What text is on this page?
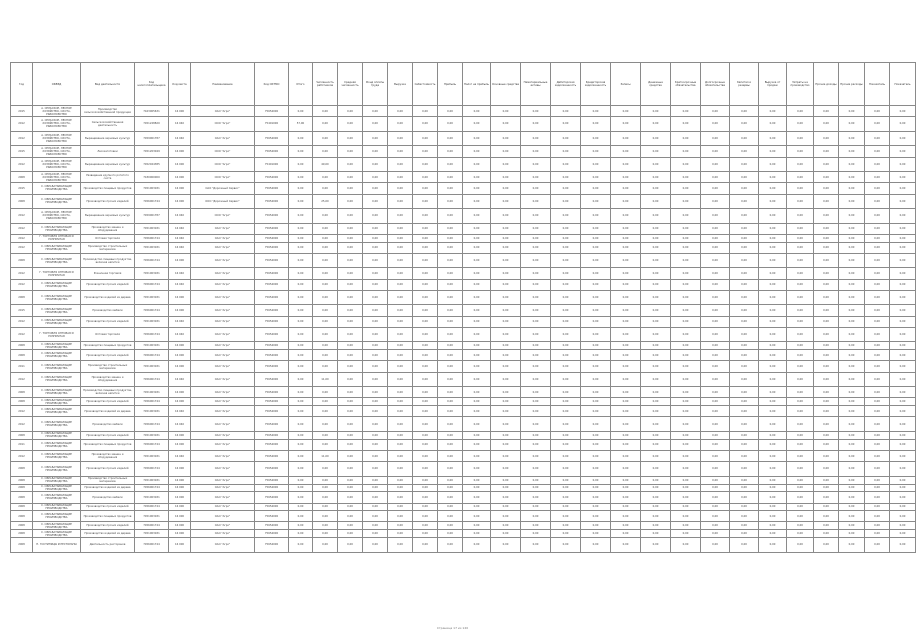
Год	ОКВЭД	Вид деятельности	Код налогоплательщика	Код места	Наименование	Код ОКТМО	Итого	Численность работников	Средняя численность	Фонд оплаты труда	Выручка	Себестоимость	Прибыль	Налог на прибыль	Основные средства	Нематериальные активы	Дебиторская задолженность	Кредиторская задолженность	Запасы	Денежные средства	Краткосрочные обязательства	Долгосрочные обязательства	Капитал и резервы	Выручка от продаж	Затраты на производство	Прочие доходы	Прочие расходы	Показатель	Показатель
2015	А. СЕЛЬСКОЕ, ЛЕСНОЕ ХОЗЯЙСТВО, ОХОТА, РЫБОЛОВСТВО	Производство сельскохозяйственной продукции	7423005631	16 000	ОАО "Агро"	75654000	0,00	0,00	0,00	0,00	0,00	0,00	0,00	0,00	0,00	0,00	0,00	0,00	0,00	0,00	0,00	0,00	0,00	0,00	0,00	0,00	0,00	0,00	0,00
2012	А. СЕЛЬСКОЕ, ЛЕСНОЕ ХОЗЯЙСТВО, ОХОТА, РЫБОЛОВСТВО	Сельскохозяйственная деятельность	7451228820	16 040	ООО "Агро"	75401000	57,00	0,00	0,00	0,00	0,00	0,00	0,00	0,00	0,00	0,00	0,00	0,00	0,00	0,00	0,00	0,00	0,00	0,00	0,00	0,00	0,00	0,00	0,00
2012	А. СЕЛЬСКОЕ, ЛЕСНОЕ ХОЗЯЙСТВО, ОХОТА, РЫБОЛОВСТВО	Выращивание зерновых культур	7459001787	16 040	ОАО "Агро"	75654000	0,00	0,00	0,00	0,00	0,00	0,00	0,00	0,00	0,00	0,00	0,00	0,00	0,00	0,00	0,00	0,00	0,00	0,00	0,00	0,00	0,00	0,00	0,00
2015	А. СЕЛЬСКОЕ, ЛЕСНОЕ ХОЗЯЙСТВО, ОХОТА, РЫБОЛОВСТВО	Лесозаготовки	7451203049	16 000	ООО "Агро"	75654000	0,00	0,00	0,00	0,00	0,00	0,00	0,00	0,00	0,00	0,00	0,00	0,00	0,00	0,00	0,00	0,00	0,00	0,00	0,00	0,00	0,00	0,00	0,00
2012	А. СЕЛЬСКОЕ, ЛЕСНОЕ ХОЗЯЙСТВО, ОХОТА, РЫБОЛОВСТВО	Выращивание зерновых культур	7452024385	16 000	ООО "Агро"	75401000	0,00	49,00	0,00	0,00	0,00	0,00	0,00	0,00	0,00	0,00	0,00	0,00	0,00	0,00	0,00	0,00	0,00	0,00	0,00	0,00	0,00	0,00	0,00
2008	А. СЕЛЬСКОЕ, ЛЕСНОЕ ХОЗЯЙСТВО, ОХОТА, РЫБОЛОВСТВО	Разведение крупного рогатого скота	7430000000	16 000	ООО "Агро"	75654000	0,00	0,00	0,00	0,00	0,00	0,00	0,00	0,00	0,00	0,00	0,00	0,00	0,00	0,00	0,00	0,00	0,00	0,00	0,00	0,00	0,00	0,00	0,00
2015	С. ОБРАБАТЫВАЮЩИЕ ПРОИЗВОДСТВА	Производство пищевых продуктов	7451003181	16 000	ОАО "Дорожный Сервис"	75654000	0,00	0,00	0,00	0,00	0,00	0,00	0,00	0,00	0,00	0,00	0,00	0,00	0,00	0,00	0,00	0,00	0,00	0,00	0,00	0,00	0,00	0,00	0,00
2008	С. ОБРАБАТЫВАЮЩИЕ ПРОИЗВОДСТВА	Производство прочих изделий	7456001744	16 000	ООО "Дорожный Сервис"	75654000	0,00	25,00	0,00	0,00	0,00	0,00	0,00	0,00	0,00	0,00	0,00	0,00	0,00	0,00	0,00	0,00	0,00	0,00	0,00	0,00	0,00	0,00	0,00
2012	А. СЕЛЬСКОЕ, ЛЕСНОЕ ХОЗЯЙСТВО, ОХОТА, РЫБОЛОВСТВО	Выращивание зерновых культур	7459001787	16 040	ООО "Агро"	75654000	0,00	0,00	0,00	0,00	0,00	0,00	0,00	0,00	0,00	0,00	0,00	0,00	0,00	0,00	0,00	0,00	0,00	0,00	0,00	0,00	0,00	0,00	0,00
2012	С. ОБРАБАТЫВАЮЩИЕ ПРОИЗВОДСТВА	Производство машин и оборудования	7451003181	16 040	ОАО "Агро"	75654000	0,00	0,00	0,00	0,00	0,00	0,00	0,00	0,00	0,00	0,00	0,00	0,00	0,00	0,00	0,00	0,00	0,00	0,00	0,00	0,00	0,00	0,00	0,00
2012	Г. ТОРГОВЛЯ ОПТОВАЯ И РОЗНИЧНАЯ	Оптовая торговля	7456001744	16 040	ОАО "Агро"	75654000	0,00	0,00	0,00	0,00	0,00	0,00	0,00	0,00	0,00	0,00	0,00	0,00	0,00	0,00	0,00	0,00	0,00	0,00	0,00	0,00	0,00	0,00	0,00
2012	С. ОБРАБАТЫВАЮЩИЕ ПРОИЗВОДСТВА	Производство строительных материалов	7451003181	16 040	ОАО "Агро"	75654000	0,00	0,00	0,00	0,00	0,00	0,00	0,00	0,00	0,00	0,00	0,00	0,00	0,00	0,00	0,00	0,00	0,00	0,00	0,00	0,00	0,00	0,00	0,00
2008	С. ОБРАБАТЫВАЮЩИЕ ПРОИЗВОДСТВА	Производство пищевых продуктов, включая напитки	7456001744	16 000	ОАО "Агро"	75654000	0,00	0,00	0,00	0,00	0,00	0,00	0,00	0,00	0,00	0,00	0,00	0,00	0,00	0,00	0,00	0,00	0,00	0,00	0,00	0,00	0,00	0,00	0,00
2012	Г. ТОРГОВЛЯ ОПТОВАЯ И РОЗНИЧНАЯ	Розничная торговля	7451003181	16 040	ОАО "Агро"	75654000	0,00	0,00	0,00	0,00	0,00	0,00	0,00	0,00	0,00	0,00	0,00	0,00	0,00	0,00	0,00	0,00	0,00	0,00	0,00	0,00	0,00	0,00	0,00
2012	С. ОБРАБАТЫВАЮЩИЕ ПРОИЗВОДСТВА	Производство прочих изделий	7456001744	16 040	ОАО "Агро"	75654000	0,00	0,00	0,00	0,00	0,00	0,00	0,00	0,00	0,00	0,00	0,00	0,00	0,00	0,00	0,00	0,00	0,00	0,00	0,00	0,00	0,00	0,00	0,00
2008	С. ОБРАБАТЫВАЮЩИЕ ПРОИЗВОДСТВА	Производство изделий из дерева	7451003181	16 000	ОАО "Агро"	75654000	0,00	0,00	0,00	0,00	0,00	0,00	0,00	0,00	0,00	0,00	0,00	0,00	0,00	0,00	0,00	0,00	0,00	0,00	0,00	0,00	0,00	0,00	0,00
2015	С. ОБРАБАТЫВАЮЩИЕ ПРОИЗВОДСТВА	Производство мебели	7456001744	16 000	ОАО "Агро"	75654000	0,00	0,00	0,00	0,00	0,00	0,00	0,00	0,00	0,00	0,00	0,00	0,00	0,00	0,00	0,00	0,00	0,00	0,00	0,00	0,00	0,00	0,00	0,00
2012	С. ОБРАБАТЫВАЮЩИЕ ПРОИЗВОДСТВА	Производство прочих изделий	7451003181	16 040	ОАО "Агро"	75654000	0,00	0,00	0,00	0,00	0,00	0,00	0,00	0,00	0,00	0,00	0,00	0,00	0,00	0,00	0,00	0,00	0,00	0,00	0,00	0,00	0,00	0,00	0,00
2012	Г. ТОРГОВЛЯ ОПТОВАЯ И РОЗНИЧНАЯ	Оптовая торговля	7456001744	16 040	ОАО "Агро"	75654000	0,00	0,00	0,00	0,00	0,00	0,00	0,00	0,00	0,00	0,00	0,00	0,00	0,00	0,00	0,00	0,00	0,00	0,00	0,00	0,00	0,00	0,00	0,00
2008	С. ОБРАБАТЫВАЮЩИЕ ПРОИЗВОДСТВА	Производство пищевых продуктов	7451003181	16 000	ОАО "Агро"	75654000	0,00	0,00	0,00	0,00	0,00	0,00	0,00	0,00	0,00	0,00	0,00	0,00	0,00	0,00	0,00	0,00	0,00	0,00	0,00	0,00	0,00	0,00	0,00
2008	С. ОБРАБАТЫВАЮЩИЕ ПРОИЗВОДСТВА	Производство прочих изделий	7456001744	16 000	ОАО "Агро"	75654000	0,00	0,00	0,00	0,00	0,00	0,00	0,00	0,00	0,00	0,00	0,00	0,00	0,00	0,00	0,00	0,00	0,00	0,00	0,00	0,00	0,00	0,00	0,00
2011	С. ОБРАБАТЫВАЮЩИЕ ПРОИЗВОДСТВА	Производство строительных материалов	7451003181	16 000	ОАО "Агро"	75654000	0,00	0,00	0,00	0,00	0,00	0,00	0,00	0,00	0,00	0,00	0,00	0,00	0,00	0,00	0,00	0,00	0,00	0,00	0,00	0,00	0,00	0,00	0,00
2012	С. ОБРАБАТЫВАЮЩИЕ ПРОИЗВОДСТВА	Производство машин и оборудования	7456001744	16 040	ОАО "Агро"	75654000	0,00	11,00	0,00	0,00	0,00	0,00	0,00	0,00	0,00	0,00	0,00	0,00	0,00	0,00	0,00	0,00	0,00	0,00	0,00	0,00	0,00	0,00	0,00
2008	С. ОБРАБАТЫВАЮЩИЕ ПРОИЗВОДСТВА	Производство пищевых продуктов, включая напитки	7451003181	16 000	ОАО "Агро"	75654000	0,00	0,00	0,00	0,00	0,00	0,00	0,00	0,00	0,00	0,00	0,00	0,00	0,00	0,00	0,00	0,00	0,00	0,00	0,00	0,00	0,00	0,00	0,00
2008	С. ОБРАБАТЫВАЮЩИЕ ПРОИЗВОДСТВА	Производство прочих изделий	7456001744	16 000	ОАО "Агро"	75654000	0,00	0,00	0,00	0,00	0,00	0,00	0,00	0,00	0,00	0,00	0,00	0,00	0,00	0,00	0,00	0,00	0,00	0,00	0,00	0,00	0,00	0,00	0,00
2012	С. ОБРАБАТЫВАЮЩИЕ ПРОИЗВОДСТВА	Производство изделий из дерева	7451003181	16 040	ОАО "Агро"	75654000	0,00	0,00	0,00	0,00	0,00	0,00	0,00	0,00	0,00	0,00	0,00	0,00	0,00	0,00	0,00	0,00	0,00	0,00	0,00	0,00	0,00	0,00	0,00
2012	С. ОБРАБАТЫВАЮЩИЕ ПРОИЗВОДСТВА	Производство мебели	7456001744	16 040	ОАО "Агро"	75654000	0,00	0,00	0,00	0,00	0,00	0,00	0,00	0,00	0,00	0,00	0,00	0,00	0,00	0,00	0,00	0,00	0,00	0,00	0,00	0,00	0,00	0,00	0,00
2008	С. ОБРАБАТЫВАЮЩИЕ ПРОИЗВОДСТВА	Производство прочих изделий	7451003181	16 000	ОАО "Агро"	75654000	0,00	0,00	0,00	0,00	0,00	0,00	0,00	0,00	0,00	0,00	0,00	0,00	0,00	0,00	0,00	0,00	0,00	0,00	0,00	0,00	0,00	0,00	0,00
2011	С. ОБРАБАТЫВАЮЩИЕ ПРОИЗВОДСТВА	Производство пищевых продуктов	7456001744	16 000	ОАО "Агро"	75654000	0,00	0,00	0,00	0,00	0,00	0,00	0,00	0,00	0,00	0,00	0,00	0,00	0,00	0,00	0,00	0,00	0,00	0,00	0,00	0,00	0,00	0,00	0,00
2012	С. ОБРАБАТЫВАЮЩИЕ ПРОИЗВОДСТВА	Производство машин и оборудования	7451003181	16 040	ОАО "Агро"	75654000	0,00	11,00	0,00	0,00	0,00	0,00	0,00	0,00	0,00	0,00	0,00	0,00	0,00	0,00	0,00	0,00	0,00	0,00	0,00	0,00	0,00	0,00	0,00
2008	С. ОБРАБАТЫВАЮЩИЕ ПРОИЗВОДСТВА	Производство прочих изделий	7456001744	16 000	ОАО "Агро"	75654000	0,00	0,00	0,00	0,00	0,00	0,00	0,00	0,00	0,00	0,00	0,00	0,00	0,00	0,00	0,00	0,00	0,00	0,00	0,00	0,00	0,00	0,00	0,00
2008	С. ОБРАБАТЫВАЮЩИЕ ПРОИЗВОДСТВА	Производство строительных материалов	7451003181	16 000	ОАО "Агро"	75654000	0,00	0,00	0,00	0,00	0,00	0,00	0,00	0,00	0,00	0,00	0,00	0,00	0,00	0,00	0,00	0,00	0,00	0,00	0,00	0,00	0,00	0,00	0,00
2008	С. ОБРАБАТЫВАЮЩИЕ ПРОИЗВОДСТВА	Производство изделий из дерева	7456001744	16 000	ОАО "Агро"	75654000	0,00	0,00	0,00	0,00	0,00	0,00	0,00	0,00	0,00	0,00	0,00	0,00	0,00	0,00	0,00	0,00	0,00	0,00	0,00	0,00	0,00	0,00	0,00
2008	С. ОБРАБАТЫВАЮЩИЕ ПРОИЗВОДСТВА	Производство мебели	7451003181	16 000	ОАО "Агро"	75654000	0,00	0,00	0,00	0,00	0,00	0,00	0,00	0,00	0,00	0,00	0,00	0,00	0,00	0,00	0,00	0,00	0,00	0,00	0,00	0,00	0,00	0,00	0,00
2008	С. ОБРАБАТЫВАЮЩИЕ ПРОИЗВОДСТВА	Производство прочих изделий	7456001744	16 000	ОАО "Агро"	75654000	0,00	0,00	0,00	0,00	0,00	0,00	0,00	0,00	0,00	0,00	0,00	0,00	0,00	0,00	0,00	0,00	0,00	0,00	0,00	0,00	0,00	0,00	0,00
2008	С. ОБРАБАТЫВАЮЩИЕ ПРОИЗВОДСТВА	Производство пищевых продуктов	7451003181	16 000	ОАО "Агро"	75654000	0,00	0,00	0,00	0,00	0,00	0,00	0,00	0,00	0,00	0,00	0,00	0,00	0,00	0,00	0,00	0,00	0,00	0,00	0,00	0,00	0,00	0,00	0,00
2008	С. ОБРАБАТЫВАЮЩИЕ ПРОИЗВОДСТВА	Производство прочих изделий	7456001744	16 000	ОАО "Агро"	75654000	0,00	0,00	0,00	0,00	0,00	0,00	0,00	0,00	0,00	0,00	0,00	0,00	0,00	0,00	0,00	0,00	0,00	0,00	0,00	0,00	0,00	0,00	0,00
2008	С. ОБРАБАТЫВАЮЩИЕ ПРОИЗВОДСТВА	Производство изделий из дерева	7451003181	16 000	ОАО "Агро"	75654000	0,00	0,00	0,00	0,00	0,00	0,00	0,00	0,00	0,00	0,00	0,00	0,00	0,00	0,00	0,00	0,00	0,00	0,00	0,00	0,00	0,00	0,00	0,00
2008	Н. ГОСТИНИЦЫ И РЕСТОРАНЫ	Деятельность ресторанов	7456001744	16 000	ОАО "Агро"	75654000	0,00	0,00	0,00	0,00	0,00	0,00	0,00	0,00	0,00	0,00	0,00	0,00	0,00	0,00	0,00	0,00	0,00	0,00	0,00	0,00	0,00	0,00	0,00
Страница 17 из 120
